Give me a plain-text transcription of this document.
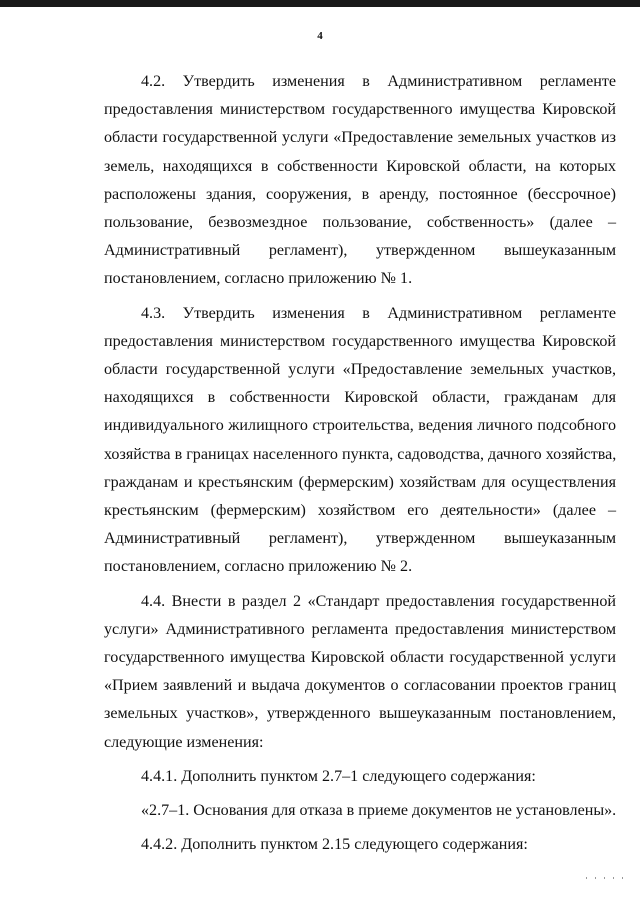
4
4.2. Утвердить изменения в Административном регламенте
предоставления министерством государственного имущества Кировской
области государственной услуги «Предоставление земельных участков из
земель, находящихся в собственности Кировской области, на которых
расположены здания, сооружения, в аренду, постоянное (бессрочное)
пользование, безвозмездное пользование, собственность» (далее –
Административный регламент), утвержденном вышеуказанным
постановлением, согласно приложению № 1.
4.3. Утвердить изменения в Административном регламенте
предоставления министерством государственного имущества Кировской
области государственной услуги «Предоставление земельных участков,
находящихся в собственности Кировской области, гражданам для
индивидуального жилищного строительства, ведения личного подсобного
хозяйства в границах населенного пункта, садоводства, дачного хозяйства,
гражданам и крестьянским (фермерским) хозяйствам для осуществления
крестьянским (фермерским) хозяйством его деятельности» (далее –
Административный регламент), утвержденном вышеуказанным
постановлением, согласно приложению № 2.
4.4. Внести в раздел 2 «Стандарт предоставления государственной
услуги» Административного регламента предоставления министерством
государственного имущества Кировской области государственной услуги
«Прием заявлений и выдача документов о согласовании проектов границ
земельных участков», утвержденного вышеуказанным постановлением,
следующие изменения:
4.4.1. Дополнить пунктом 2.7–1 следующего содержания:
«2.7–1. Основания для отказа в приеме документов не установлены».
4.4.2. Дополнить пунктом 2.15 следующего содержания:
